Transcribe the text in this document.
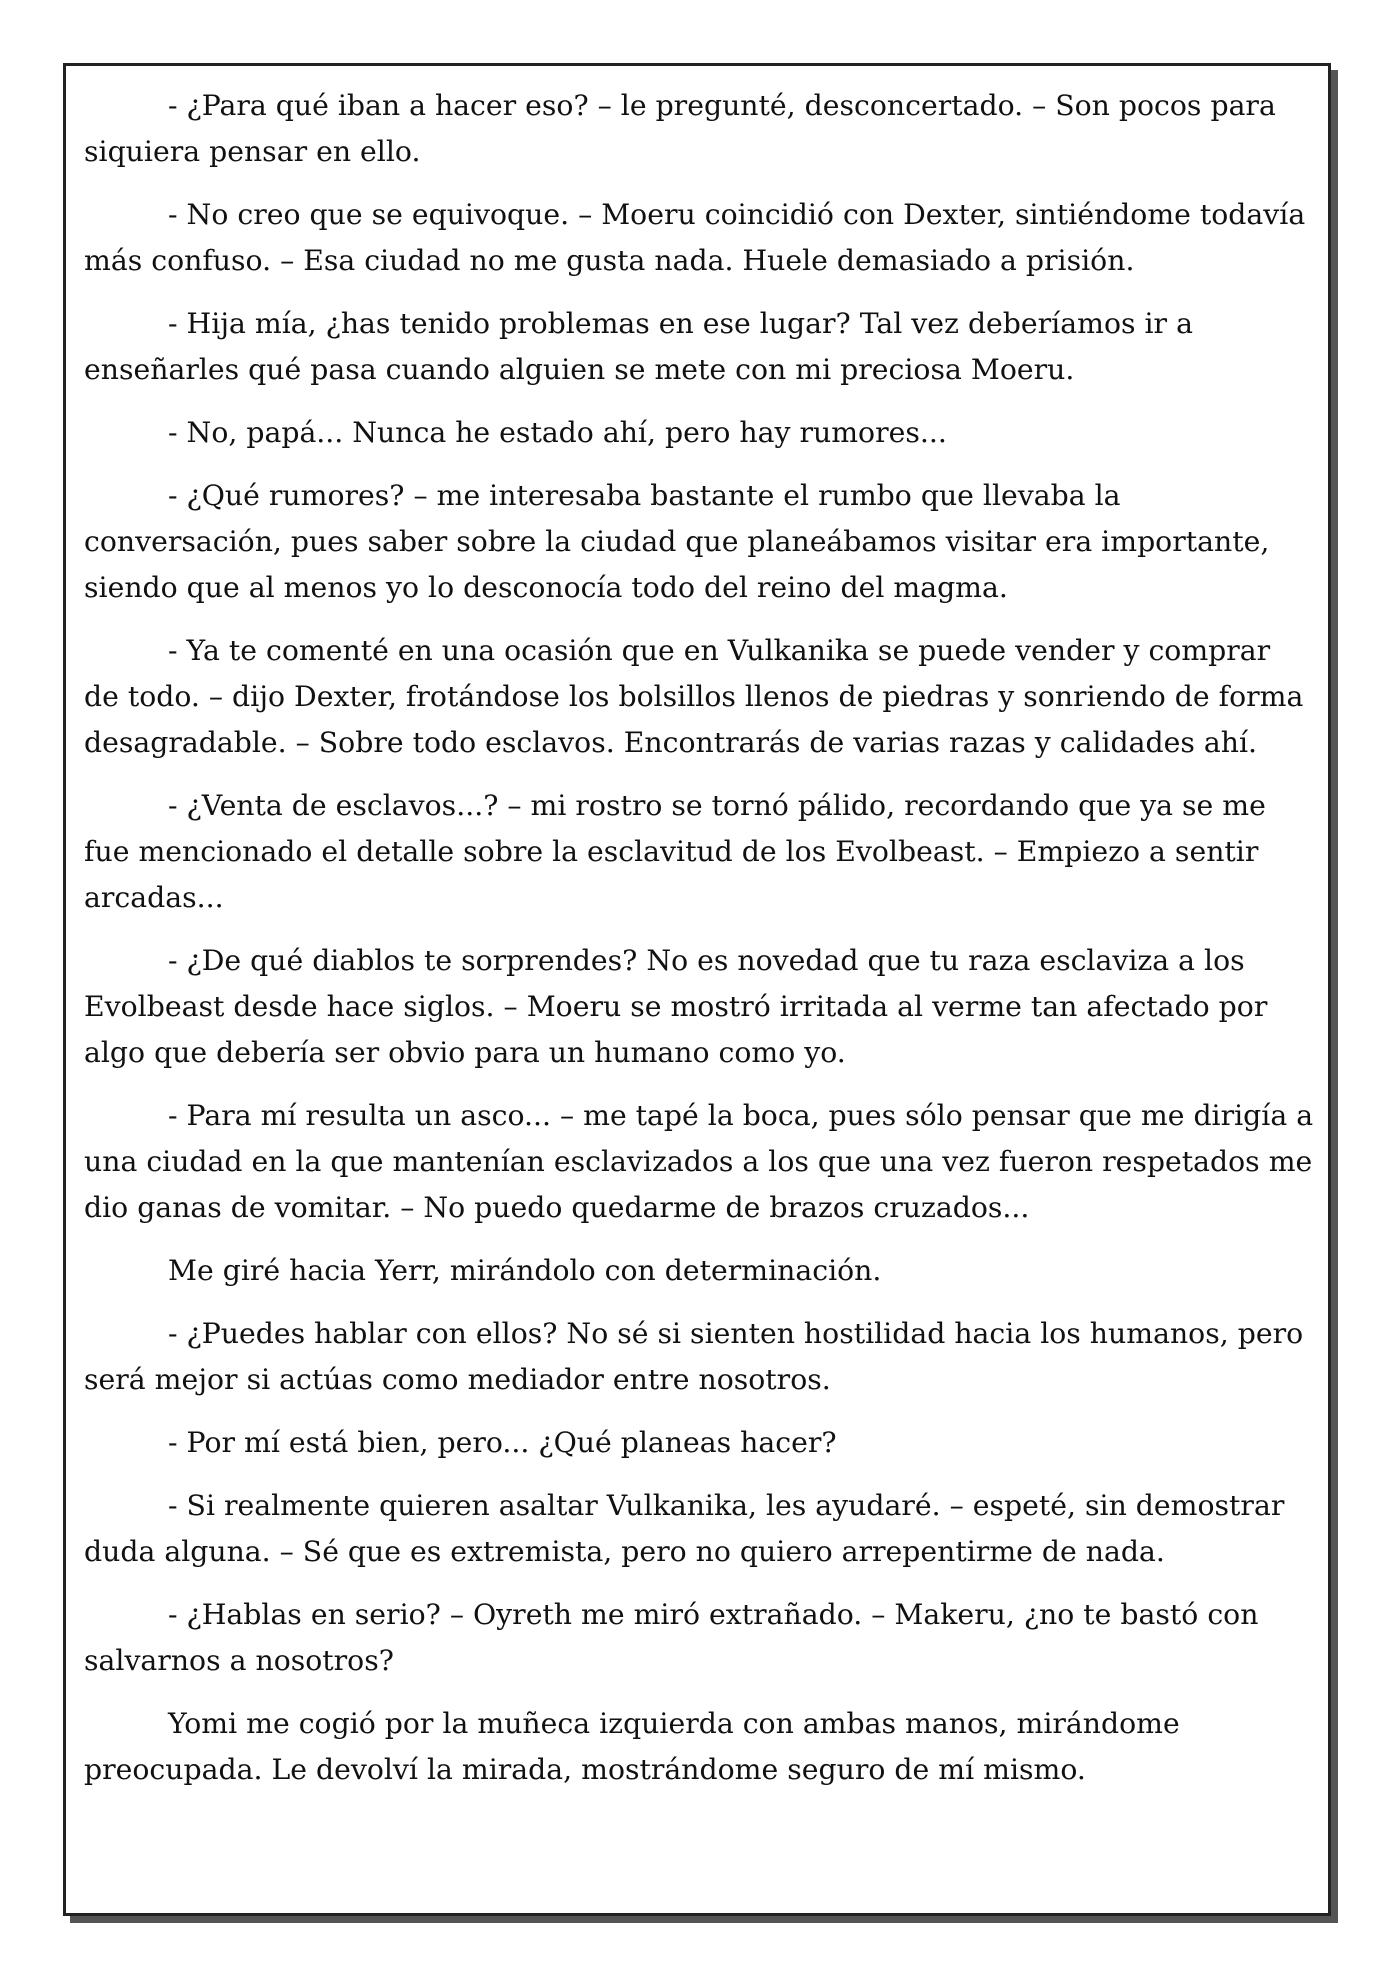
- ¿Para qué iban a hacer eso? – le pregunté, desconcertado. – Son pocos para siquiera pensar en ello.

- No creo que se equivoque. – Moeru coincidió con Dexter, sintiéndome todavía más confuso. – Esa ciudad no me gusta nada. Huele demasiado a prisión.

- Hija mía, ¿has tenido problemas en ese lugar? Tal vez deberíamos ir a enseñarles qué pasa cuando alguien se mete con mi preciosa Moeru.

- No, papá... Nunca he estado ahí, pero hay rumores...

- ¿Qué rumores? – me interesaba bastante el rumbo que llevaba la conversación, pues saber sobre la ciudad que planeábamos visitar era importante, siendo que al menos yo lo desconocía todo del reino del magma.

- Ya te comenté en una ocasión que en Vulkanika se puede vender y comprar de todo. – dijo Dexter, frotándose los bolsillos llenos de piedras y sonriendo de forma desagradable. – Sobre todo esclavos. Encontrarás de varias razas y calidades ahí.

- ¿Venta de esclavos...? – mi rostro se tornó pálido, recordando que ya se me fue mencionado el detalle sobre la esclavitud de los Evolbeast. – Empiezo a sentir arcadas...

- ¿De qué diablos te sorprendes? No es novedad que tu raza esclaviza a los Evolbeast desde hace siglos. – Moeru se mostró irritada al verme tan afectado por algo que debería ser obvio para un humano como yo.

- Para mí resulta un asco... – me tapé la boca, pues sólo pensar que me dirigía a una ciudad en la que mantenían esclavizados a los que una vez fueron respetados me dio ganas de vomitar. – No puedo quedarme de brazos cruzados...

Me giré hacia Yerr, mirándolo con determinación.

- ¿Puedes hablar con ellos? No sé si sienten hostilidad hacia los humanos, pero será mejor si actúas como mediador entre nosotros.

- Por mí está bien, pero... ¿Qué planeas hacer?

- Si realmente quieren asaltar Vulkanika, les ayudaré. – espeté, sin demostrar duda alguna. – Sé que es extremista, pero no quiero arrepentirme de nada.

- ¿Hablas en serio? – Oyreth me miró extrañado. – Makeru, ¿no te bastó con salvarnos a nosotros?

Yomi me cogió por la muñeca izquierda con ambas manos, mirándome preocupada. Le devolví la mirada, mostrándome seguro de mí mismo.
